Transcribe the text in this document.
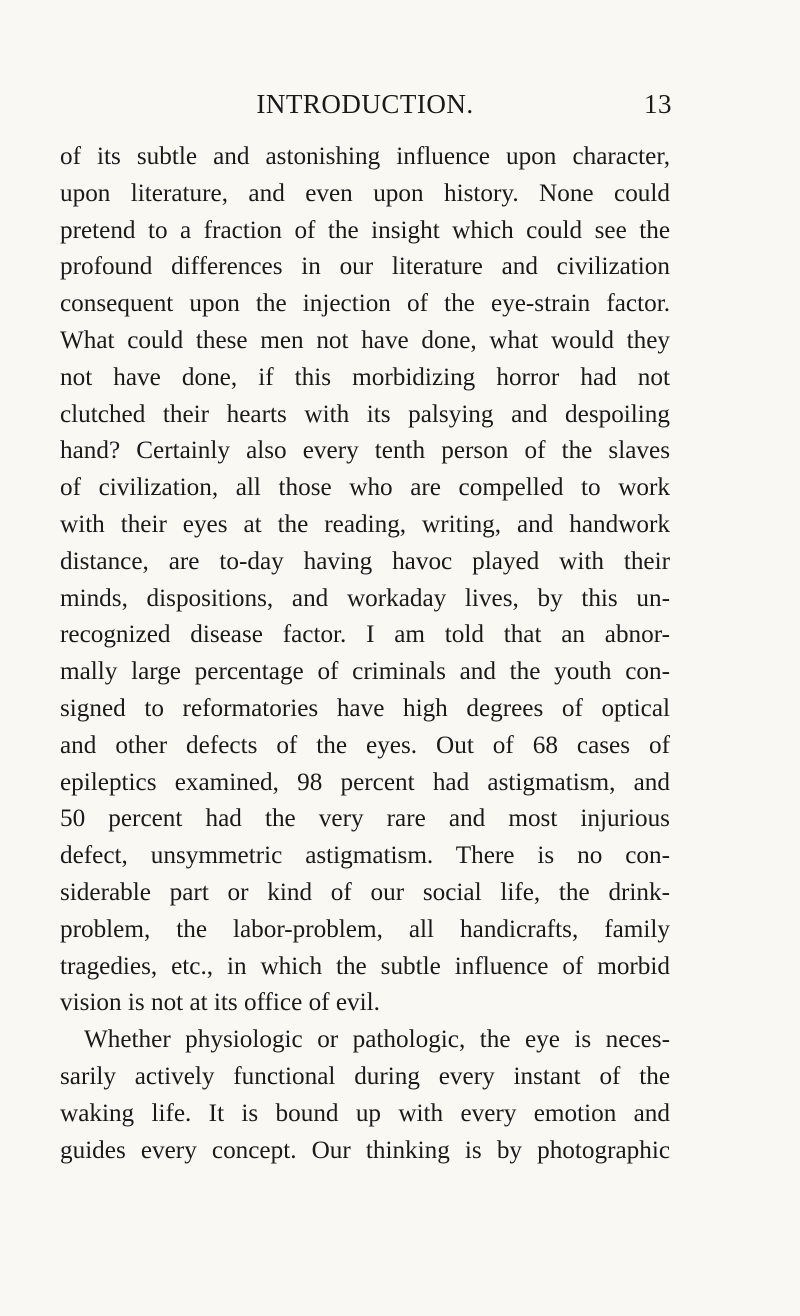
INTRODUCTION.	13
of its subtle and astonishing influence upon character,
upon literature, and even upon history. None could
pretend to a fraction of the insight which could see the
profound differences in our literature and civilization
consequent upon the injection of the eye-strain factor.
What could these men not have done, what would they
not have done, if this morbidizing horror had not
clutched their hearts with its palsying and despoiling
hand? Certainly also every tenth person of the slaves
of civilization, all those who are compelled to work
with their eyes at the reading, writing, and handwork
distance, are to-day having havoc played with their
minds, dispositions, and workaday lives, by this un-
recognized disease factor. I am told that an abnor-
mally large percentage of criminals and the youth con-
signed to reformatories have high degrees of optical
and other defects of the eyes. Out of 68 cases of
epileptics examined, 98 percent had astigmatism, and
50 percent had the very rare and most injurious
defect, unsymmetric astigmatism. There is no con-
siderable part or kind of our social life, the drink-
problem, the labor-problem, all handicrafts, family
tragedies, etc., in which the subtle influence of morbid
vision is not at its office of evil.
Whether physiologic or pathologic, the eye is neces-
sarily actively functional during every instant of the
waking life. It is bound up with every emotion and
guides every concept. Our thinking is by photographic
